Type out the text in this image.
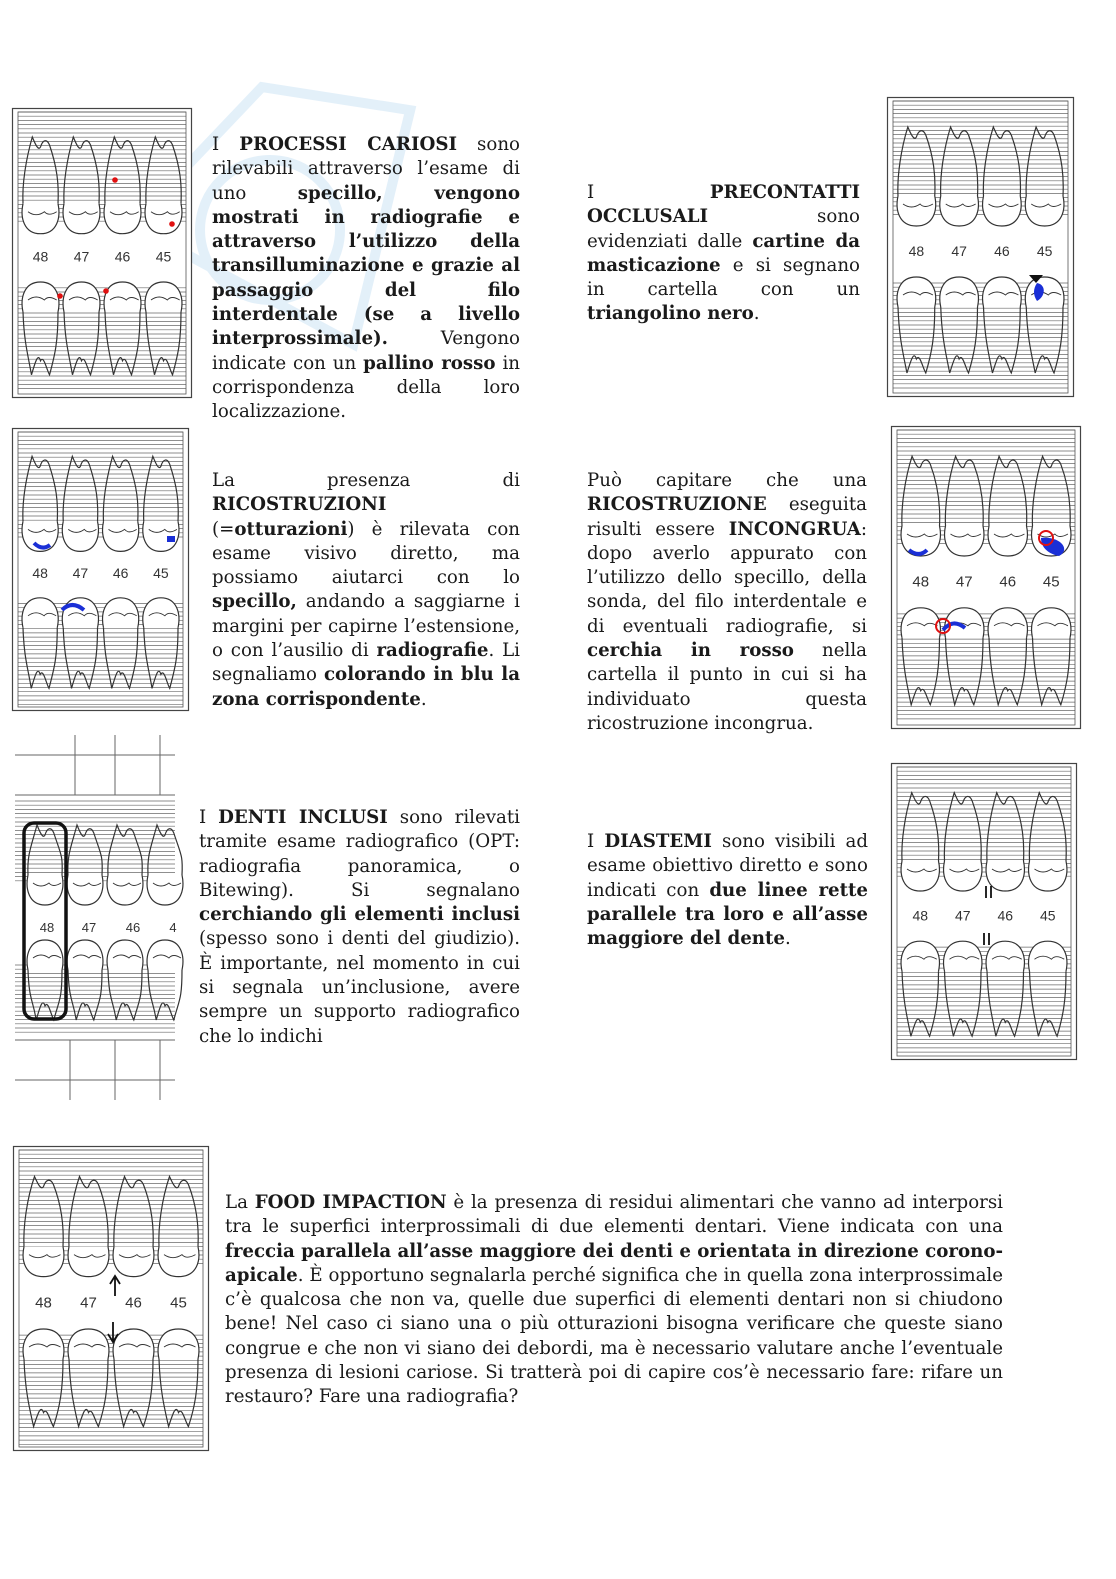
48 47 46 45	48 47 46 45
48 47 46 45
48 47 46 45
48 47 46 4
48 47 46 45
48 47 46 45
I PROCESSI CARIOSI sono rilevabili attraverso l’esame di uno specillo, vengono mostrati in radiografie e attraverso l’utilizzo della transilluminazione e grazie al passaggio del filo interdentale (se a livello interprossimale). Vengono indicate con un pallino rosso in corrispondenza della loro localizzazione.
I PRECONTATTI OCCLUSALI sono evidenziati dalle cartine da masticazione e si segnano in cartella con un triangolino nero.
La presenza di RICOSTRUZIONI (=otturazioni) è rilevata con esame visivo diretto, ma possiamo aiutarci con lo specillo, andando a saggiarne i margini per capirne l’estensione, o con l’ausilio di radiografie. Li segnaliamo colorando in blu la zona corrispondente.
Può capitare che una RICOSTRUZIONE eseguita risulti essere INCONGRUA: dopo averlo appurato con l’utilizzo dello specillo, della sonda, del filo interdentale e di eventuali radiografie, si cerchia in rosso nella cartella il punto in cui si ha individuato questa ricostruzione incongrua.
I DENTI INCLUSI sono rilevati tramite esame radiografico (OPT: radiografia panoramica, o Bitewing). Si segnalano cerchiando gli elementi inclusi (spesso sono i denti del giudizio). È importante, nel momento in cui si segnala un’inclusione, avere sempre un supporto radiografico che lo indichi
I DIASTEMI sono visibili ad esame obiettivo diretto e sono indicati con due linee rette parallele tra loro e all’asse maggiore del dente.
La FOOD IMPACTION è la presenza di residui alimentari che vanno ad interporsi tra le superfici interprossimali di due elementi dentari. Viene indicata con una freccia parallela all’asse maggiore dei denti e orientata in direzione corono-apicale. È opportuno segnalarla perché significa che in quella zona interprossimale c’è qualcosa che non va, quelle due superfici di elementi dentari non si chiudono bene! Nel caso ci siano una o più otturazioni bisogna verificare che queste siano congrue e che non vi siano dei debordi, ma è necessario valutare anche l’eventuale presenza di lesioni cariose. Si tratterà poi di capire cos’è necessario fare: rifare un restauro? Fare una radiografia?
